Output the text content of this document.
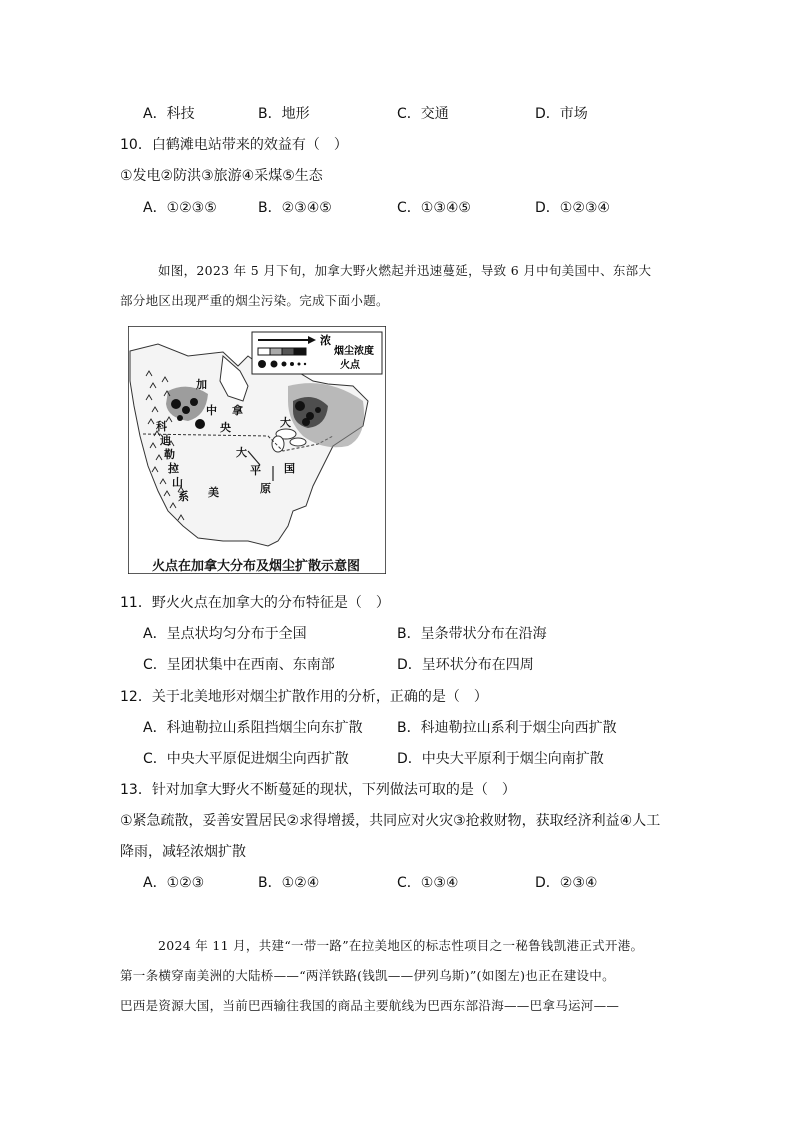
A．科技	B．地形	C．交通	D．市场
10．白鹤滩电站带来的效益有（　）
①发电②防洪③旅游④采煤⑤生态
A．①②③⑤	B．②③④⑤	C．①③④⑤	D．①②③④
如图，2023 年 5 月下旬，加拿大野火燃起并迅速蔓延，导致 6 月中旬美国中、东部大
部分地区出现严重的烟尘污染。完成下面小题。
浓
烟尘浓度
火点
加
拿
大
中
央
大
平
原
美
国
科
迪
勒
拉
山
系
火点在加拿大分布及烟尘扩散示意图
11．野火火点在加拿大的分布特征是（　）
A．呈点状均匀分布于全国	B．呈条带状分布在沿海
C．呈团状集中在西南、东南部	D．呈环状分布在四周
12．关于北美地形对烟尘扩散作用的分析，正确的是（　）
A．科迪勒拉山系阻挡烟尘向东扩散 B．科迪勒拉山系利于烟尘向西扩散
C．中央大平原促进烟尘向西扩散	D．中央大平原利于烟尘向南扩散
13．针对加拿大野火不断蔓延的现状，下列做法可取的是（　）
①紧急疏散，妥善安置居民②求得增援，共同应对火灾③抢救财物，获取经济利益④人工
降雨，减轻浓烟扩散
A．①②③	B．①②④	C．①③④	D．②③④
2024 年 11 月，共建“一带一路”在拉美地区的标志性项目之一秘鲁钱凯港正式开港。
第一条横穿南美洲的大陆桥——“两洋铁路(钱凯——伊列乌斯)”(如图左)也正在建设中。
巴西是资源大国，当前巴西输往我国的商品主要航线为巴西东部沿海——巴拿马运河——
